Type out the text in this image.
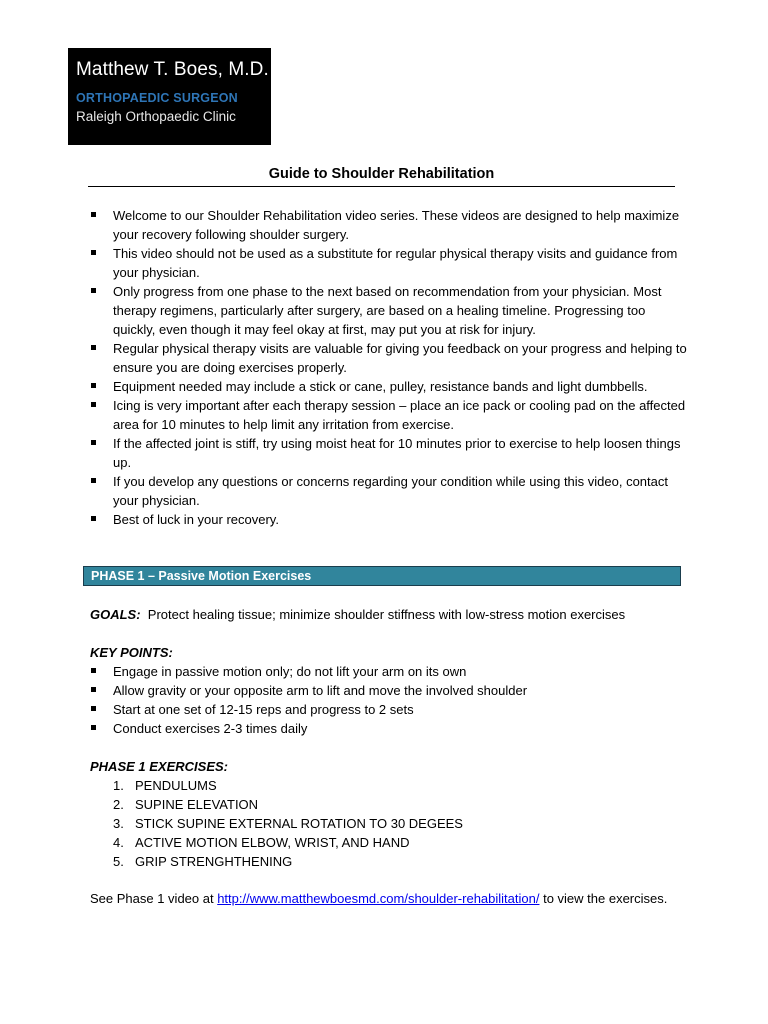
Matthew T. Boes, M.D.
ORTHOPAEDIC SURGEON
Raleigh Orthopaedic Clinic
Guide to Shoulder Rehabilitation
Welcome to our Shoulder Rehabilitation video series. These videos are designed to help maximize your recovery following shoulder surgery.
This video should not be used as a substitute for regular physical therapy visits and guidance from your physician.
Only progress from one phase to the next based on recommendation from your physician. Most therapy regimens, particularly after surgery, are based on a healing timeline. Progressing too quickly, even though it may feel okay at first, may put you at risk for injury.
Regular physical therapy visits are valuable for giving you feedback on your progress and helping to ensure you are doing exercises properly.
Equipment needed may include a stick or cane, pulley, resistance bands and light dumbbells.
Icing is very important after each therapy session – place an ice pack or cooling pad on the affected area for 10 minutes to help limit any irritation from exercise.
If the affected joint is stiff, try using moist heat for 10 minutes prior to exercise to help loosen things up.
If you develop any questions or concerns regarding your condition while using this video, contact your physician.
Best of luck in your recovery.
PHASE 1 – Passive Motion Exercises
GOALS: Protect healing tissue; minimize shoulder stiffness with low-stress motion exercises
KEY POINTS:
Engage in passive motion only; do not lift your arm on its own
Allow gravity or your opposite arm to lift and move the involved shoulder
Start at one set of 12-15 reps and progress to 2 sets
Conduct exercises 2-3 times daily
PHASE 1 EXERCISES:
1. PENDULUMS
2. SUPINE ELEVATION
3. STICK SUPINE EXTERNAL ROTATION TO 30 DEGEES
4. ACTIVE MOTION ELBOW, WRIST, AND HAND
5. GRIP STRENGHTHENING
See Phase 1 video at http://www.matthewboesmd.com/shoulder-rehabilitation/ to view the exercises.
